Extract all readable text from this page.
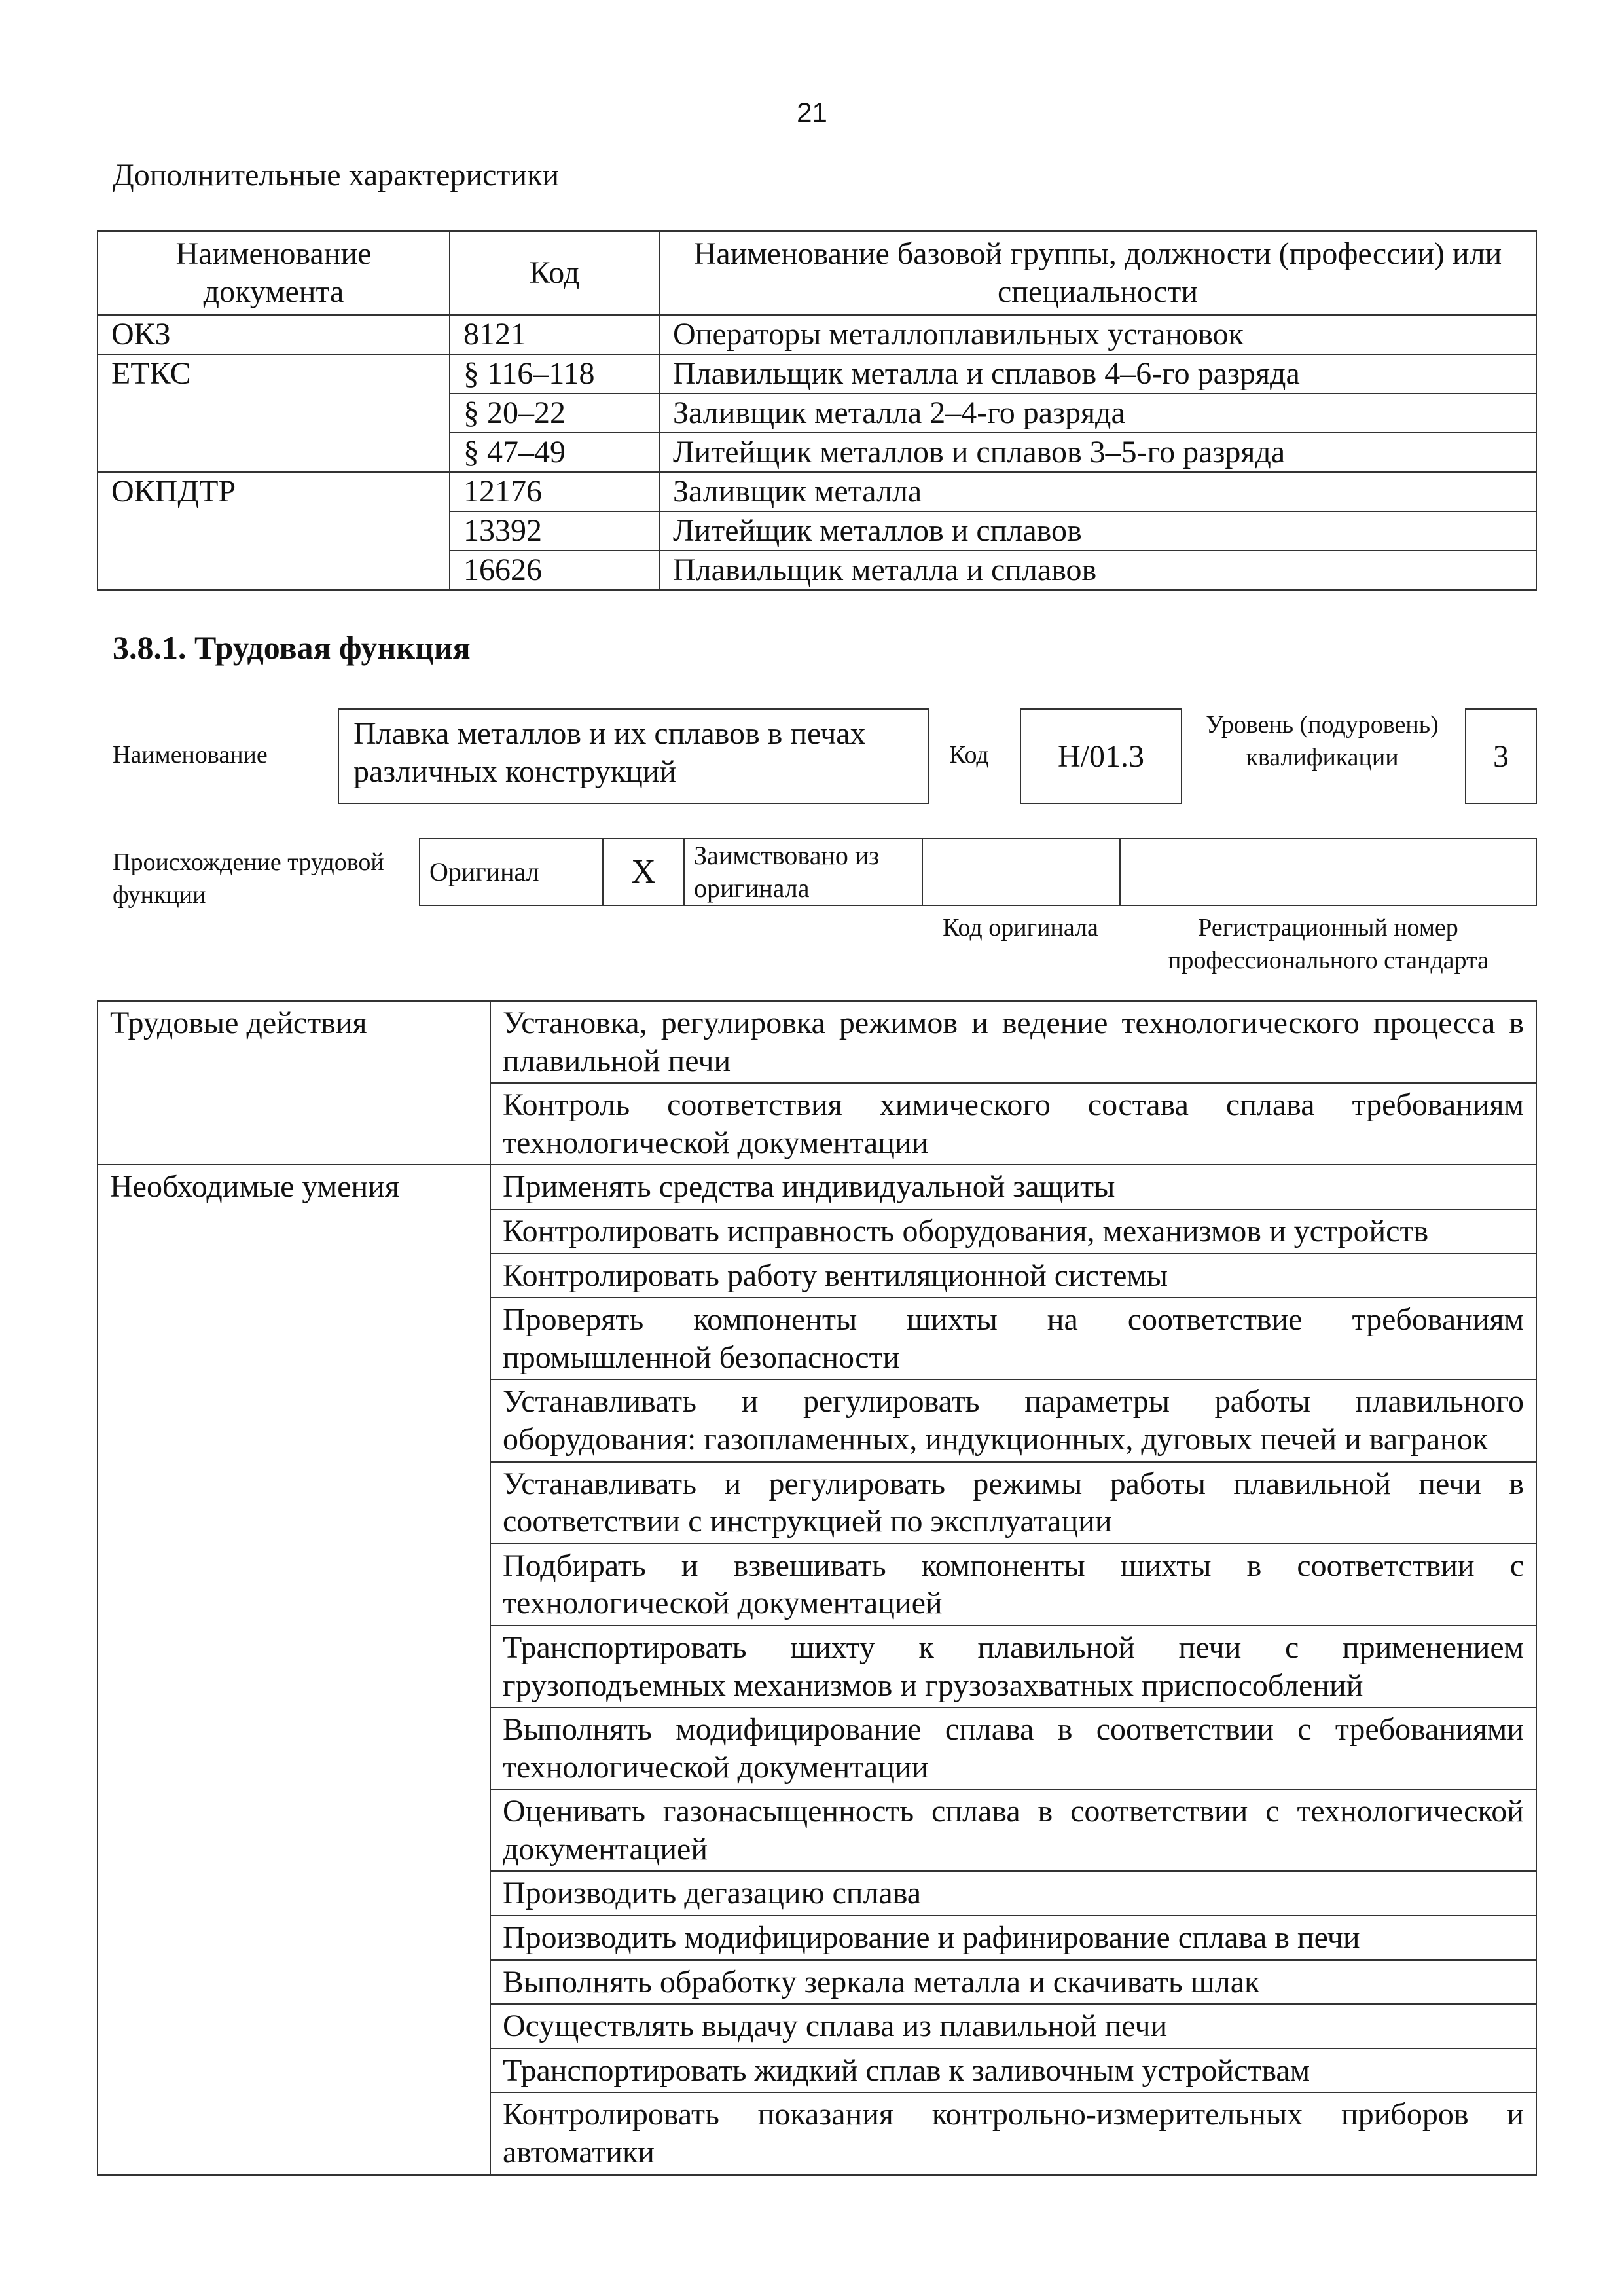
21
Дополнительные характеристики
Наименование документа	Код	Наименование базовой группы, должности (профессии) или специальности
ОКЗ	8121	Операторы металлоплавильных установок
ЕТКС	§ 116–118	Плавильщик металла и сплавов 4–6-го разряда
	§ 20–22	Заливщик металла 2–4-го разряда
	§ 47–49	Литейщик металлов и сплавов 3–5-го разряда
ОКПДТР	12176	Заливщик металла
	13392	Литейщик металлов и сплавов
	16626	Плавильщик металла и сплавов
3.8.1. Трудовая функция
Наименование
Плавка металлов и их сплавов в печах различных конструкций	Код	H/01.3
Уровень (подуровень) квалификации	3
Происхождение трудовой функции
Оригинал	X	Заимствовано из оригинала		
Код оригинала	Регистрационный номер профессионального стандарта
Трудовые действия	Установка, регулировка режимов и ведение технологического процесса в плавильной печи
	Контроль соответствия химического состава сплава требованиям технологической документации
Необходимые умения	Применять средства индивидуальной защиты
	Контролировать исправность оборудования, механизмов и устройств
	Контролировать работу вентиляционной системы
	Проверять компоненты шихты на соответствие требованиям промышленной безопасности
	Устанавливать и регулировать параметры работы плавильного оборудования: газопламенных, индукционных, дуговых печей и вагранок
	Устанавливать и регулировать режимы работы плавильной печи в соответствии с инструкцией по эксплуатации
	Подбирать и взвешивать компоненты шихты в соответствии с технологической документацией
	Транспортировать шихту к плавильной печи с применением грузоподъемных механизмов и грузозахватных приспособлений
	Выполнять модифицирование сплава в соответствии с требованиями технологической документации
	Оценивать газонасыщенность сплава в соответствии с технологической документацией
	Производить дегазацию сплава
	Производить модифицирование и рафинирование сплава в печи
	Выполнять обработку зеркала металла и скачивать шлак
	Осуществлять выдачу сплава из плавильной печи
	Транспортировать жидкий сплав к заливочным устройствам
	Контролировать показания контрольно-измерительных приборов и автоматики
